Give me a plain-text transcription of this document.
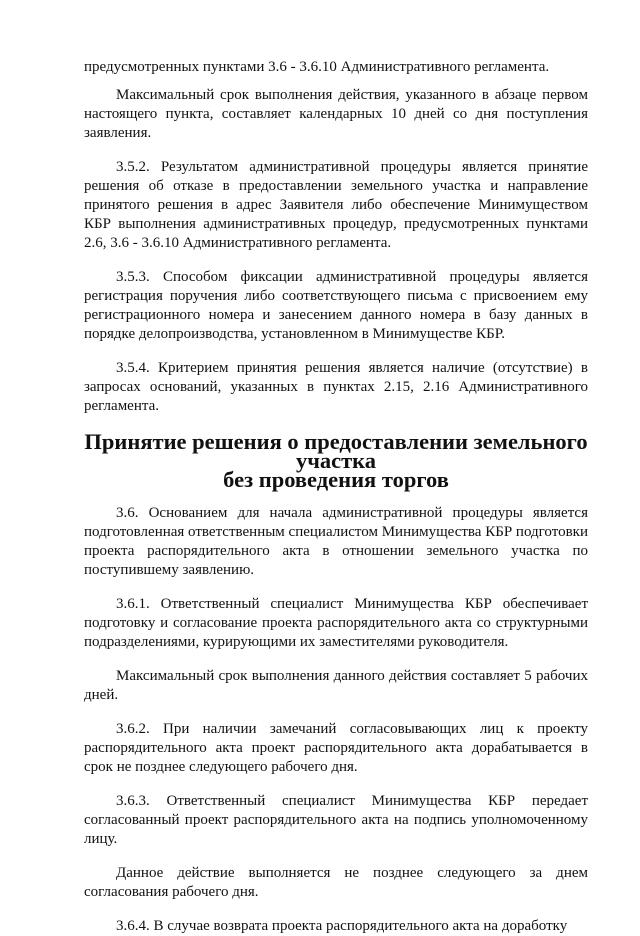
предусмотренных пунктами 3.6 - 3.6.10 Административного регламента.

Максимальный срок выполнения действия, указанного в абзаце первом настоящего пункта, составляет календарных 10 дней со дня поступления заявления.

3.5.2. Результатом административной процедуры является принятие решения об отказе в предоставлении земельного участка и направление принятого решения в адрес Заявителя либо обеспечение Минимуществом КБР выполнения административных процедур, предусмотренных пунктами 2.6, 3.6 - 3.6.10 Административного регламента.

3.5.3. Способом фиксации административной процедуры является регистрация поручения либо соответствующего письма с присвоением ему регистрационного номера и занесением данного номера в базу данных в порядке делопроизводства, установленном в Минимуществе КБР.

3.5.4. Критерием принятия решения является наличие (отсутствие) в запросах оснований, указанных в пунктах 2.15, 2.16 Административного регламента.

Принятие решения о предоставлении земельного участка
без проведения торгов

3.6. Основанием для начала административной процедуры является подготовленная ответственным специалистом Минимущества КБР подготовки проекта распорядительного акта в отношении земельного участка по поступившему заявлению.

3.6.1. Ответственный специалист Минимущества КБР обеспечивает подготовку и согласование проекта распорядительного акта со структурными подразделениями, курирующими их заместителями руководителя.

Максимальный срок выполнения данного действия составляет 5 рабочих дней.

3.6.2. При наличии замечаний согласовывающих лиц к проекту распорядительного акта проект распорядительного акта дорабатывается в срок не позднее следующего рабочего дня.

3.6.3. Ответственный специалист Минимущества КБР передает согласованный проект распорядительного акта на подпись уполномоченному лицу.

Данное действие выполняется не позднее следующего за днем согласования рабочего дня.

3.6.4. В случае возврата проекта распорядительного акта на доработку
